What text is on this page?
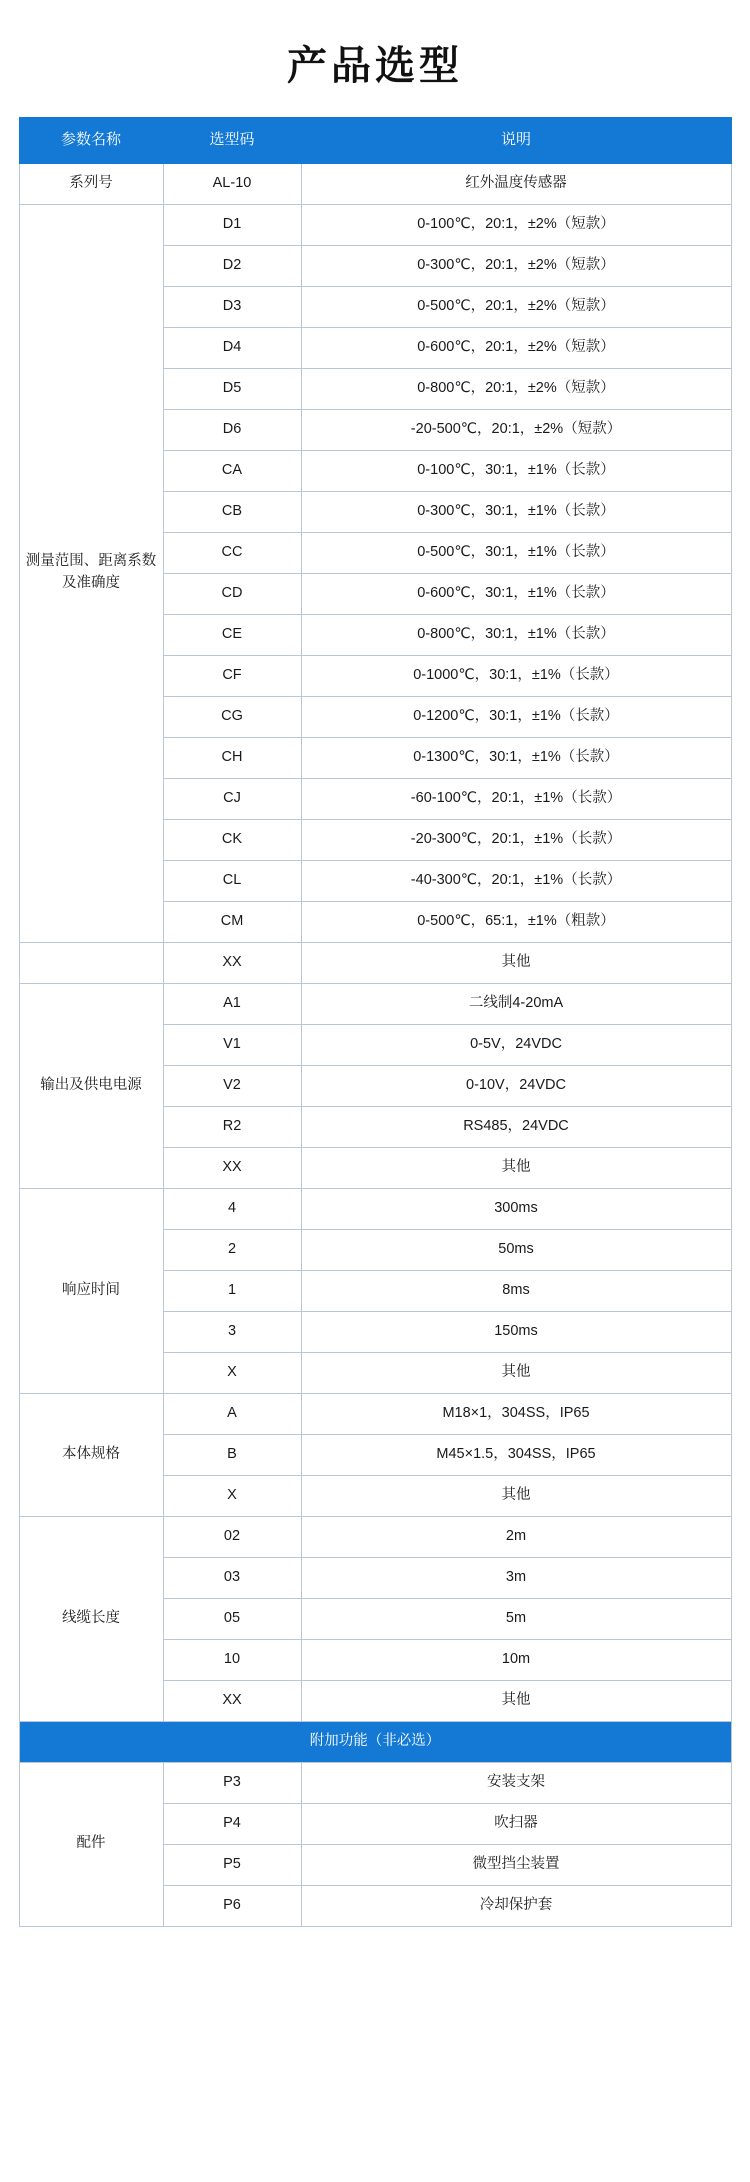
产品选型
参数名称	选型码	说明
系列号	AL-10	红外温度传感器
测量范围、距离系数
及准确度	D1	0-100℃，20:1，±2%（短款）
	D2	0-300℃，20:1，±2%（短款）
	D3	0-500℃，20:1，±2%（短款）
	D4	0-600℃，20:1，±2%（短款）
	D5	0-800℃，20:1，±2%（短款）
	D6	-20-500℃，20:1，±2%（短款）
	CA	0-100℃，30:1，±1%（长款）
	CB	0-300℃，30:1，±1%（长款）
	CC	0-500℃，30:1，±1%（长款）
	CD	0-600℃，30:1，±1%（长款）
	CE	0-800℃，30:1，±1%（长款）
	CF	0-1000℃，30:1，±1%（长款）
	CG	0-1200℃，30:1，±1%（长款）
	CH	0-1300℃，30:1，±1%（长款）
	CJ	-60-100℃，20:1，±1%（长款）
	CK	-20-300℃，20:1，±1%（长款）
	CL	-40-300℃，20:1，±1%（长款）
	CM	0-500℃，65:1，±1%（粗款）
	XX	其他
输出及供电电源	A1	二线制4-20mA
	V1	0-5V，24VDC
	V2	0-10V，24VDC
	R2	RS485，24VDC
	XX	其他
响应时间	4	300ms
	2	50ms
	1	8ms
	3	150ms
	X	其他
本体规格	A	M18×1，304SS，IP65
	B	M45×1.5，304SS，IP65
	X	其他
线缆长度	02	2m
	03	3m
	05	5m
	10	10m
	XX	其他
附加功能（非必选）		
配件	P3	安装支架
	P4	吹扫器
	P5	微型挡尘装置
	P6	冷却保护套
